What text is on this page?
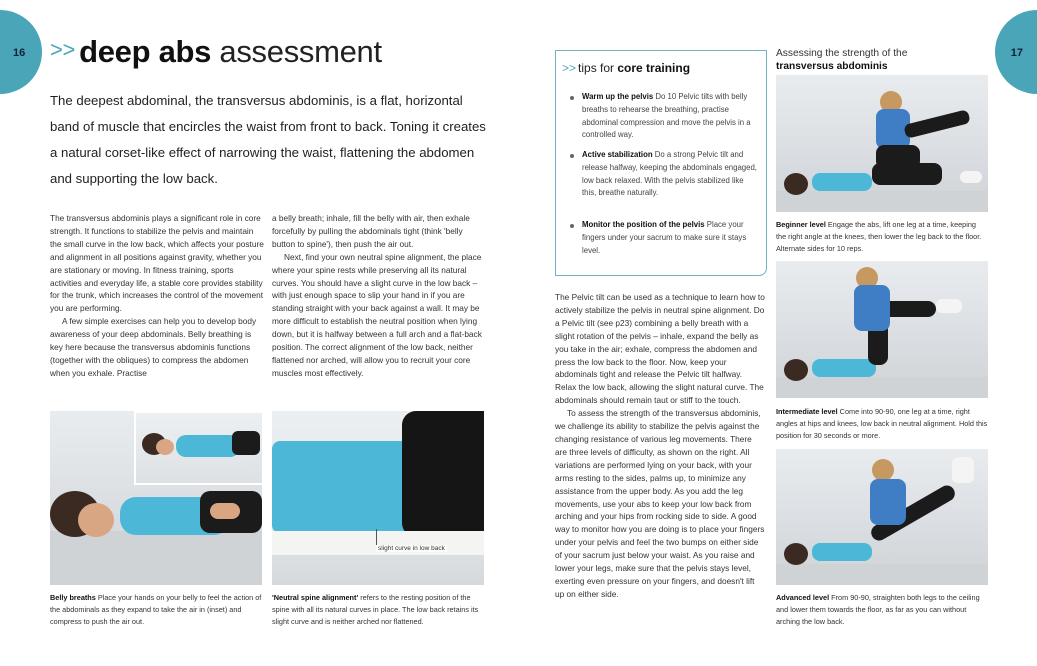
16	17
>> deep abs assessment
The deepest abdominal, the transversus abdominis, is a flat, horizontal band of muscle that encircles the waist from front to back. Toning it creates a natural corset-like effect of narrowing the waist, flattening the abdomen and supporting the low back.

The transversus abdominis plays a significant role in core strength. It functions to stabilize the pelvis and maintain the small curve in the low back, which affects your posture and alignment in all positions against gravity, whether you are stationary or moving. In fitness training, sports activities and everyday life, a stable core provides stability for the trunk, which increases the control of the movement you are performing.

A few simple exercises can help you to develop body awareness of your deep abdominals. Belly breathing is key here because the transversus abdominis functions (together with the obliques) to compress the abdomen when you exhale. Practise

a belly breath; inhale, fill the belly with air, then exhale forcefully by pulling the abdominals tight (think 'belly button to spine'), then push the air out.

Next, find your own neutral spine alignment, the place where your spine rests while preserving all its natural curves. You should have a slight curve in the low back – with just enough space to slip your hand in if you are standing straight with your back against a wall. It may be more difficult to establish the neutral position when lying down, but it is halfway between a full arch and a flat-back position. The correct alignment of the low back, neither flattened nor arched, will allow you to recruit your core muscles most effectively.

slight curve in low back
Belly breaths Place your hands on your belly to feel the action of the abdominals as they expand to take the air in (inset) and compress to push the air out.
'Neutral spine alignment' refers to the resting position of the spine with all its natural curves in place. The low back retains its slight curve and is neither arched nor flattened.
>> tips for core training
Warm up the pelvis Do 10 Pelvic tilts with belly breaths to rehearse the breathing, practise abdominal compression and move the pelvis in a controlled way.
Active stabilization Do a strong Pelvic tilt and release halfway, keeping the abdominals engaged, low back relaxed. With the pelvis stabilized like this, breathe naturally.
Monitor the position of the pelvis Place your fingers under your sacrum to make sure it stays level.

The Pelvic tilt can be used as a technique to learn how to actively stabilize the pelvis in neutral spine alignment. Do a Pelvic tilt (see p23) combining a belly breath with a slight rotation of the pelvis – inhale, expand the belly as you take in the air; exhale, compress the abdomen and press the low back to the floor. Now, keep your abdominals tight and release the Pelvic tilt halfway. Relax the low back, allowing the slight natural curve. The abdominals should remain taut or stiff to the touch.

To assess the strength of the transversus abdominis, we challenge its ability to stabilize the pelvis against the changing resistance of various leg movements. There are three levels of difficulty, as shown on the right. All variations are performed lying on your back, with your arms resting to the sides, palms up, to minimize any assistance from the upper body. As you add the leg movements, use your abs to keep your low back from arching and your hips from rocking side to side. A good way to monitor how you are doing is to place your fingers under your pelvis and feel the two bumps on either side of your sacrum just below your waist. As you raise and lower your legs, make sure that the pelvis stays level, exerting even pressure on your fingers, and doesn't lift up on either side.

Assessing the strength of the
transversus abdominis
Beginner level Engage the abs, lift one leg at a time, keeping the right angle at the knees, then lower the leg back to the floor. Alternate sides for 10 reps.
Intermediate level Come into 90-90, one leg at a time, right angles at hips and knees, low back in neutral alignment. Hold this position for 30 seconds or more.
Advanced level From 90-90, straighten both legs to the ceiling and lower them towards the floor, as far as you can without arching the low back.
